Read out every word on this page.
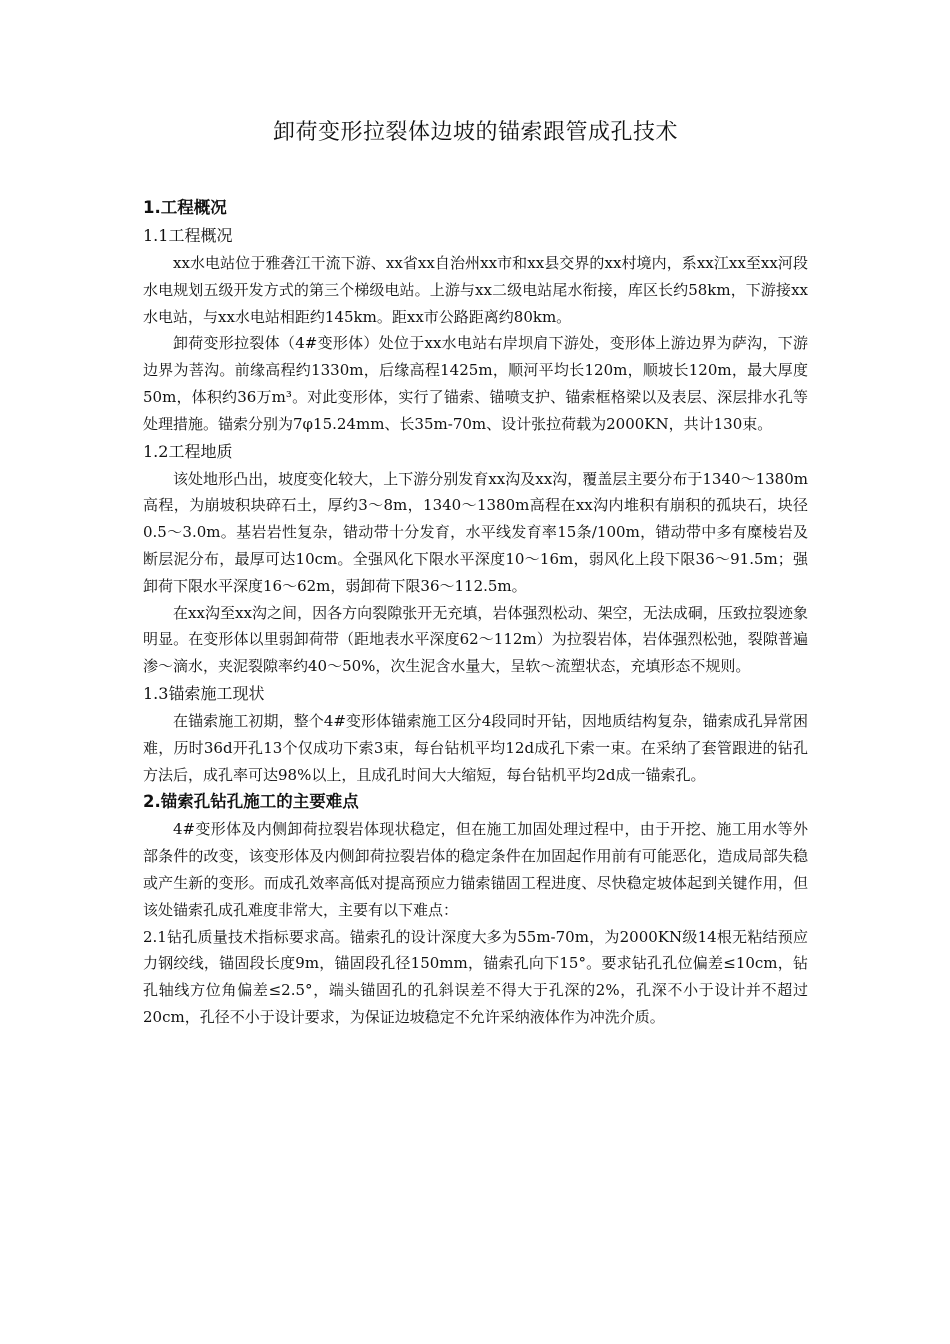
卸荷变形拉裂体边坡的锚索跟管成孔技术
1.工程概况
1.1工程概况

xx水电站位于雅砻江干流下游、xx省xx自治州xx市和xx县交界的xx村境内，系xx江xx至xx河段水电规划五级开发方式的第三个梯级电站。上游与xx二级电站尾水衔接，库区长约58km，下游接xx水电站，与xx水电站相距约145km。距xx市公路距离约80km。

卸荷变形拉裂体（4#变形体）处位于xx水电站右岸坝肩下游处，变形体上游边界为萨沟，下游边界为菩沟。前缘高程约1330m，后缘高程1425m，顺河平均长120m，顺坡长120m，最大厚度50m，体积约36万m³。对此变形体，实行了锚索、锚喷支护、锚索框格梁以及表层、深层排水孔等处理措施。锚索分别为7φ15.24mm、长35m-70m、设计张拉荷载为2000KN，共计130束。

1.2工程地质

该处地形凸出，坡度变化较大，上下游分别发育xx沟及xx沟，覆盖层主要分布于1340～1380m高程，为崩坡积块碎石土，厚约3～8m，1340～1380m高程在xx沟内堆积有崩积的孤块石，块径0.5～3.0m。基岩岩性复杂，错动带十分发育，水平线发育率15条/100m，错动带中多有糜棱岩及断层泥分布，最厚可达10cm。全强风化下限水平深度10～16m，弱风化上段下限36～91.5m；强卸荷下限水平深度16～62m，弱卸荷下限36～112.5m。

在xx沟至xx沟之间，因各方向裂隙张开无充填，岩体强烈松动、架空，无法成硐，压致拉裂迹象明显。在变形体以里弱卸荷带（距地表水平深度62～112m）为拉裂岩体，岩体强烈松弛，裂隙普遍渗～滴水，夹泥裂隙率约40～50%，次生泥含水量大，呈软～流塑状态，充填形态不规则。

1.3锚索施工现状

在锚索施工初期，整个4#变形体锚索施工区分4段同时开钻，因地质结构复杂，锚索成孔异常困难，历时36d开孔13个仅成功下索3束，每台钻机平均12d成孔下索一束。在采纳了套管跟进的钻孔方法后，成孔率可达98%以上，且成孔时间大大缩短，每台钻机平均2d成一锚索孔。

2.锚索孔钻孔施工的主要难点

4#变形体及内侧卸荷拉裂岩体现状稳定，但在施工加固处理过程中，由于开挖、施工用水等外部条件的改变，该变形体及内侧卸荷拉裂岩体的稳定条件在加固起作用前有可能恶化，造成局部失稳或产生新的变形。而成孔效率高低对提高预应力锚索锚固工程进度、尽快稳定坡体起到关键作用，但该处锚索孔成孔难度非常大，主要有以下难点：

2.1钻孔质量技术指标要求高。锚索孔的设计深度大多为55m-70m，为2000KN级14根无粘结预应力钢绞线，锚固段长度9m，锚固段孔径150mm，锚索孔向下15°。要求钻孔孔位偏差≤10cm，钻孔轴线方位角偏差≤2.5°，端头锚固孔的孔斜误差不得大于孔深的2%，孔深不小于设计并不超过20cm，孔径不小于设计要求，为保证边坡稳定不允许采纳液体作为冲洗介质。
